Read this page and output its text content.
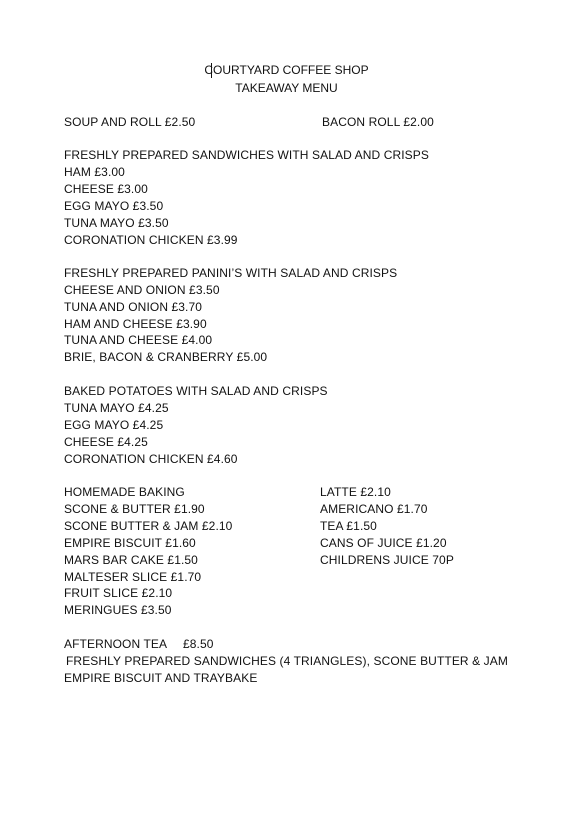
COURTYARD COFFEE SHOP
TAKEAWAY MENU
SOUP AND ROLL £2.50	BACON ROLL £2.00
FRESHLY PREPARED SANDWICHES WITH SALAD AND CRISPS
HAM £3.00
CHEESE £3.00
EGG MAYO £3.50
TUNA MAYO £3.50
CORONATION CHICKEN £3.99
FRESHLY PREPARED PANINI’S WITH SALAD AND CRISPS
CHEESE AND ONION £3.50
TUNA AND ONION £3.70
HAM AND CHEESE £3.90
TUNA AND CHEESE £4.00
BRIE, BACON & CRANBERRY £5.00
BAKED POTATOES WITH SALAD AND CRISPS
TUNA MAYO £4.25
EGG MAYO £4.25
CHEESE £4.25
CORONATION CHICKEN £4.60
HOMEMADE BAKING
SCONE & BUTTER £1.90
SCONE BUTTER & JAM £2.10
EMPIRE BISCUIT £1.60
MARS BAR CAKE £1.50
MALTESER SLICE £1.70
FRUIT SLICE £2.10
MERINGUES £3.50
LATTE £2.10
AMERICANO £1.70
TEA £1.50
CANS OF JUICE £1.20
CHILDRENS JUICE 70P
AFTERNOON TEA £8.50
FRESHLY PREPARED SANDWICHES (4 TRIANGLES), SCONE BUTTER & JAM
EMPIRE BISCUIT AND TRAYBAKE
